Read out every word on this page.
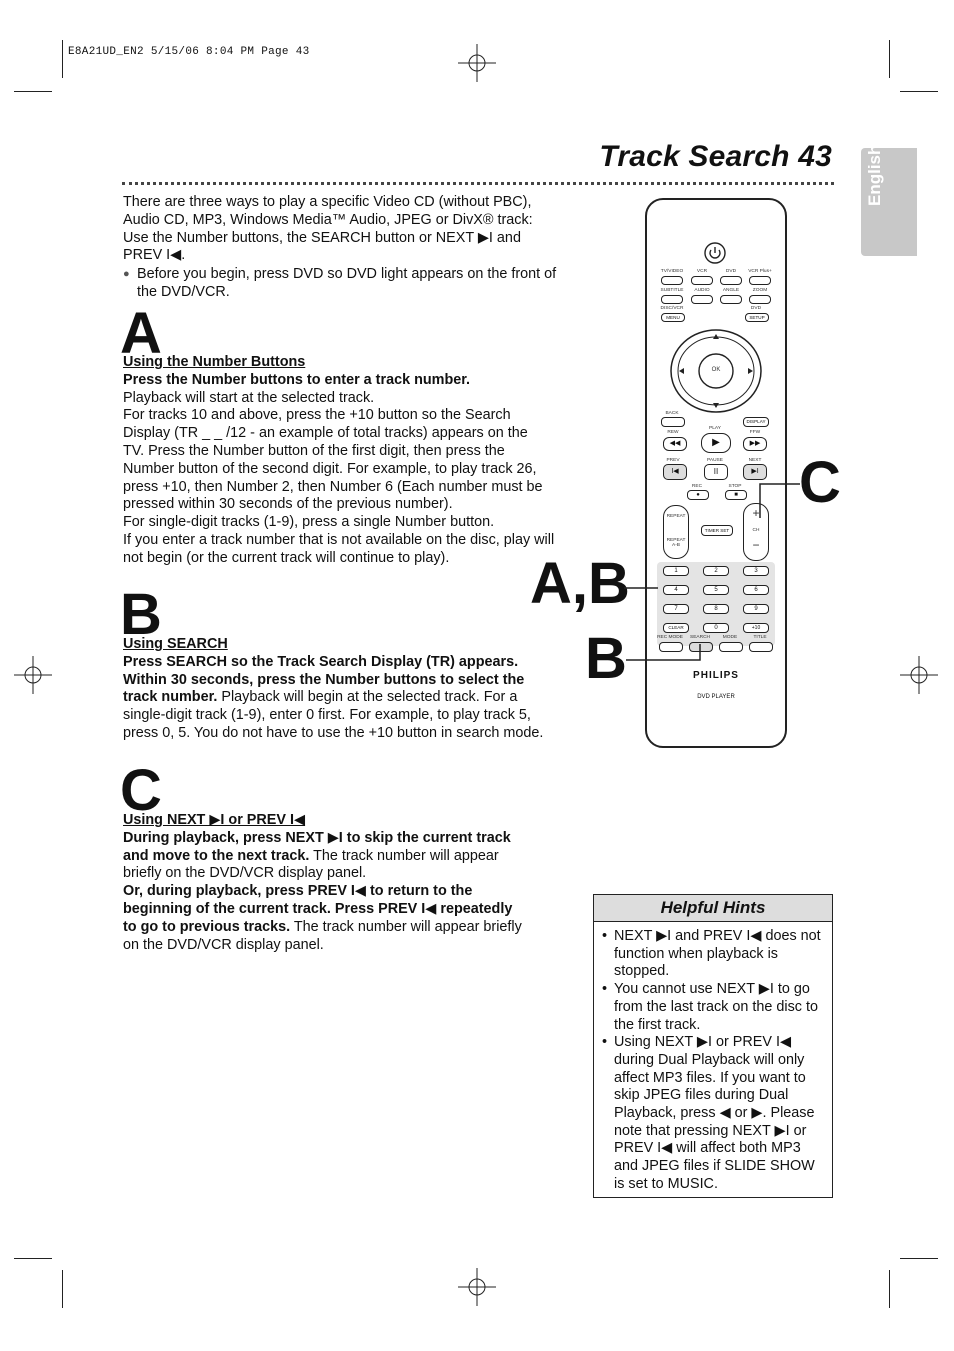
E8A21UD_EN2 5/15/06 8:04 PM Page 43
Track Search 43 English
There are three ways to play a specific Video CD (without PBC),
Audio CD, MP3, Windows Media™ Audio, JPEG or DivX® track:
Use the Number buttons, the SEARCH button or NEXT ▶I and
PREV I◀.
● Before you begin, press DVD so DVD light appears on the front of the DVD/VCR.
A
Using the Number Buttons
Press the Number buttons to enter a track number.
Playback will start at the selected track.
For tracks 10 and above, press the +10 button so the Search
Display (TR _ _ /12 - an example of total tracks) appears on the
TV. Press the Number button of the first digit, then press the
Number button of the second digit. For example, to play track 26,
press +10, then Number 2, then Number 6 (Each number must be
pressed within 30 seconds of the previous number).
For single-digit tracks (1-9), press a single Number button.
If you enter a track number that is not available on the disc, play will
not begin (or the current track will continue to play).
B
Using SEARCH
Press SEARCH so the Track Search Display (TR) appears.
Within 30 seconds, press the Number buttons to select the
track number. Playback will begin at the selected track. For a
single-digit track (1-9), enter 0 first. For example, to play track 5,
press 0, 5. You do not have to use the +10 button in search mode.
C
Using NEXT ▶I or PREV I◀
During playback, press NEXT ▶I to skip the current track
and move to the next track. The track number will appear
briefly on the DVD/VCR display panel.
Or, during playback, press PREV I◀ to return to the
beginning of the current track. Press PREV I◀ repeatedly
to go to previous tracks. The track number will appear briefly
on the DVD/VCR display panel.
TV/VIDEO	VCR	DVD	VCR Plus+
SUBTITLE	AUDIO	ANGLE	ZOOM
DISC/VCR	DVD
MENU	SETUP
OK
BACK
DISPLAY
REW
PLAY
FFW
◀◀	▶	▶▶
PREV	PAUSE	NEXT
I◀	II	▶I
REC	STOP
●	■
REPEAT
REPEAT A-B
TIMER SET
+
CH
−
1	2	3
4	5	6
7	8	9
CLEAR	0	+10
REC MODE	SEARCH	MODE	TITLE
PHILIPS
DVD PLAYER
C
A,B
B
Helpful Hints
• NEXT ▶I and PREV I◀ does not function when playback is stopped.
• You cannot use NEXT ▶I to go from the last track on the disc to the first track.
• Using NEXT ▶I or PREV I◀ during Dual Playback will only affect MP3 files. If you want to skip JPEG files during Dual Playback, press ◀ or ▶. Please note that pressing NEXT ▶I or PREV I◀ will affect both MP3 and JPEG files if SLIDE SHOW is set to MUSIC.
